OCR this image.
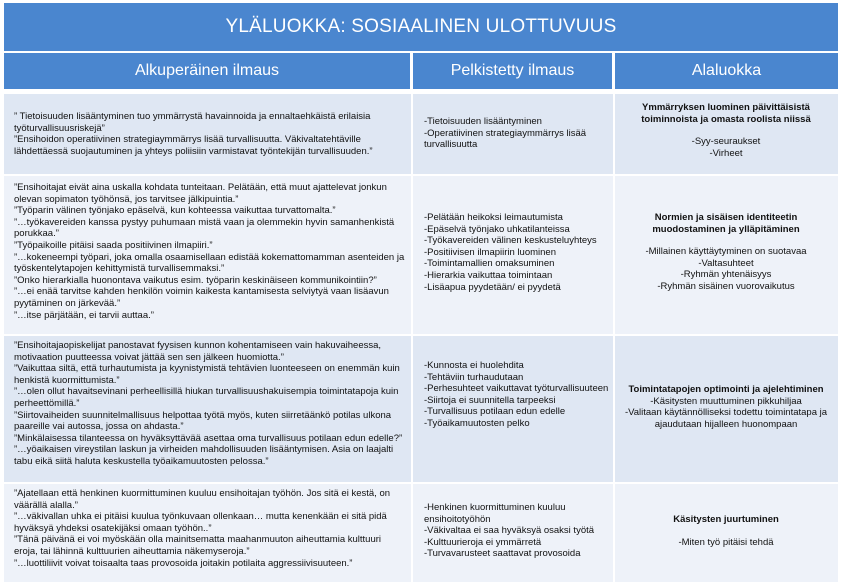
YLÄLUOKKA: SOSIAALINEN ULOTTUVUUS
Alkuperäinen ilmaus	Pelkistetty ilmaus	Alaluokka
” Tietoisuuden lisääntyminen tuo ymmärrystä havainnoida ja ennaltaehkäistä erilaisia työturvallisuusriskejä”
”Ensihoidon operatiivinen strategiaymmärrys lisää turvallisuutta. Väkivaltatehtäville lähdettäessä suojautuminen ja yhteys poliisiin varmistavat työntekijän turvallisuuden.”
-Tietoisuuden lisääntyminen
-Operatiivinen strategiaymmärrys lisää turvallisuutta
Ymmärryksen luominen päivittäisistä toiminnoista ja omasta roolista niissä
-Syy-seuraukset
-Virheet
”Ensihoitajat eivät aina uskalla kohdata tunteitaan. Pelätään, että muut ajattelevat jonkun olevan sopimaton työhönsä, jos tarvitsee jälkipuintia.”
”Työparin välinen työnjako epäselvä, kun kohteessa vaikuttaa turvattomalta.”
”…työkavereiden kanssa pystyy puhumaan mistä vaan ja olemmekin hyvin samanhenkistä porukkaa.”
”Työpaikoille pitäisi saada positiivinen ilmapiiri.”
”…kokeneempi työpari, joka omalla osaamisellaan edistää kokemattomamman asenteiden ja työskentelytapojen kehittymistä turvallisemmaksi.”
”Onko hierarkialla huonontava vaikutus esim. työparin keskinäiseen kommunikointiin?”
”…ei enää tarvitse kahden henkilön voimin kaikesta kantamisesta selviytyä vaan lisäavun pyytäminen on järkevää.”
”…itse pärjätään, ei tarvii auttaa.”
-Pelätään heikoksi leimautumista
-Epäselvä työnjako uhkatilanteissa
-Työkavereiden välinen keskusteluyhteys
-Positiivisen ilmapiirin luominen
-Toimintamallien omaksuminen
-Hierarkia vaikuttaa toimintaan
-Lisäapua pyydetään/ ei pyydetä
Normien ja sisäisen identiteetin muodostaminen ja ylläpitäminen
-Millainen käyttäytyminen on suotavaa
-Valtasuhteet
-Ryhmän yhtenäisyys
-Ryhmän sisäinen vuorovaikutus
”Ensihoitajaopiskelijat panostavat fyysisen kunnon kohentamiseen vain hakuvaiheessa, motivaation puutteessa voivat jättää sen sen jälkeen huomiotta.”
”Vaikuttaa siltä, että turhautumista ja kyynistymistä tehtävien luonteeseen on enemmän kuin henkistä kuormittumista.”
”…olen ollut havaitsevinani perheellisillä hiukan turvallisuushakuisempia toimintatapoja kuin perheettömillä.”
”Siirtovaiheiden suunnitelmallisuus helpottaa työtä myös, kuten siirretäänkö potilas ulkona paareille vai autossa, jossa on ahdasta.”
”Minkälaisessa tilanteessa on hyväksyttävää asettaa oma turvallisuus potilaan edun edelle?”
”…yöaikaisen vireystilan laskun ja virheiden mahdollisuuden lisääntymisen. Asia on laajalti tabu eikä siitä haluta keskustella työaikamuutosten pelossa.”
-Kunnosta ei huolehdita
-Tehtäviin turhaudutaan
-Perhesuhteet vaikuttavat työturvallisuuteen
-Siirtoja ei suunnitella tarpeeksi
-Turvallisuus potilaan edun edelle
-Työaikamuutosten pelko
Toimintatapojen optimointi ja ajelehtiminen
-Käsitysten muuttuminen pikkuhiljaa
-Valitaan käytännölliseksi todettu toimintatapa ja ajaudutaan hijalleen huonompaan
”Ajatellaan että henkinen kuormittuminen kuuluu ensihoitajan työhön. Jos sitä ei kestä, on väärällä alalla.”
”…väkivallan uhka ei pitäisi kuulua työnkuvaan ollenkaan… mutta kenenkään ei sitä pidä hyväksyä yhdeksi osatekijäksi omaan työhön..”
”Tänä päivänä ei voi myöskään olla mainitsematta maahanmuuton aiheuttamia kulttuuri eroja, tai lähinnä kulttuurien aiheuttamia näkemyseroja.”
”…luottiliivit voivat toisaalta taas provosoida joitakin potilaita aggressiivisuuteen.”
-Henkinen kuormittuminen kuuluu ensihoitotyöhön
-Väkivaltaa ei saa hyväksyä osaksi työtä
-Kulttuurieroja ei ymmärretä
-Turvavarusteet saattavat provosoida
Käsitysten juurtuminen
-Miten työ pitäisi tehdä
